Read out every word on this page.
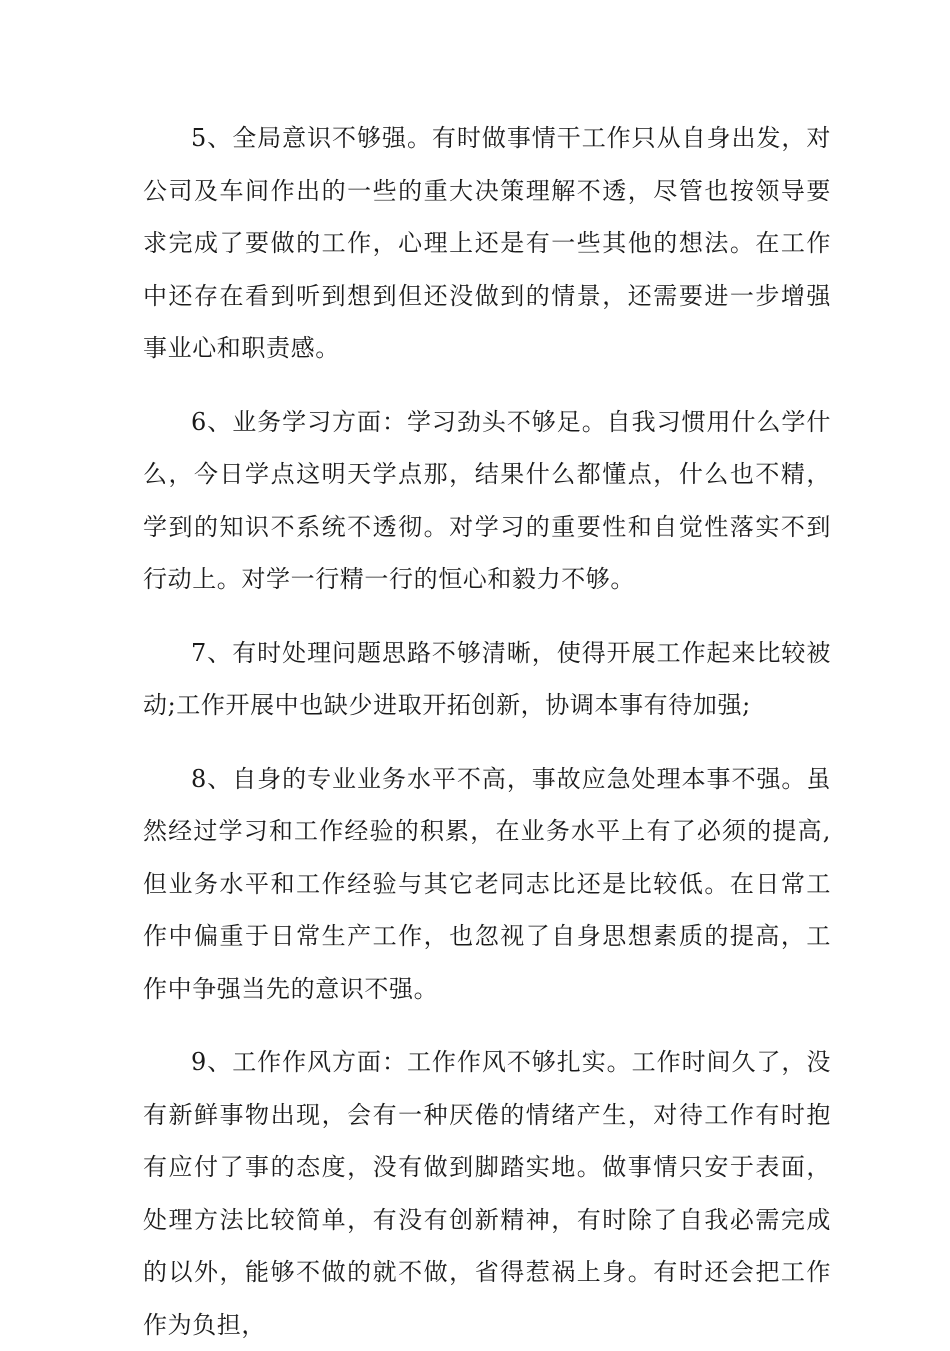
5、全局意识不够强。有时做事情干工作只从自身出发，对公司及车间作出的一些的重大决策理解不透，尽管也按领导要求完成了要做的工作，心理上还是有一些其他的想法。在工作中还存在看到听到想到但还没做到的情景，还需要进一步增强事业心和职责感。

6、业务学习方面：学习劲头不够足。自我习惯用什么学什么，今日学点这明天学点那，结果什么都懂点，什么也不精，学到的知识不系统不透彻。对学习的重要性和自觉性落实不到行动上。对学一行精一行的恒心和毅力不够。

7、有时处理问题思路不够清晰，使得开展工作起来比较被动;工作开展中也缺少进取开拓创新，协调本事有待加强;

8、自身的专业业务水平不高，事故应急处理本事不强。虽然经过学习和工作经验的积累，在业务水平上有了必须的提高,但业务水平和工作经验与其它老同志比还是比较低。在日常工作中偏重于日常生产工作，也忽视了自身思想素质的提高，工作中争强当先的意识不强。

9、工作作风方面：工作作风不够扎实。工作时间久了，没有新鲜事物出现，会有一种厌倦的情绪产生，对待工作有时抱有应付了事的态度，没有做到脚踏实地。做事情只安于表面，处理方法比较简单，有没有创新精神，有时除了自我必需完成的以外，能够不做的就不做，省得惹祸上身。有时还会把工作作为负担，
